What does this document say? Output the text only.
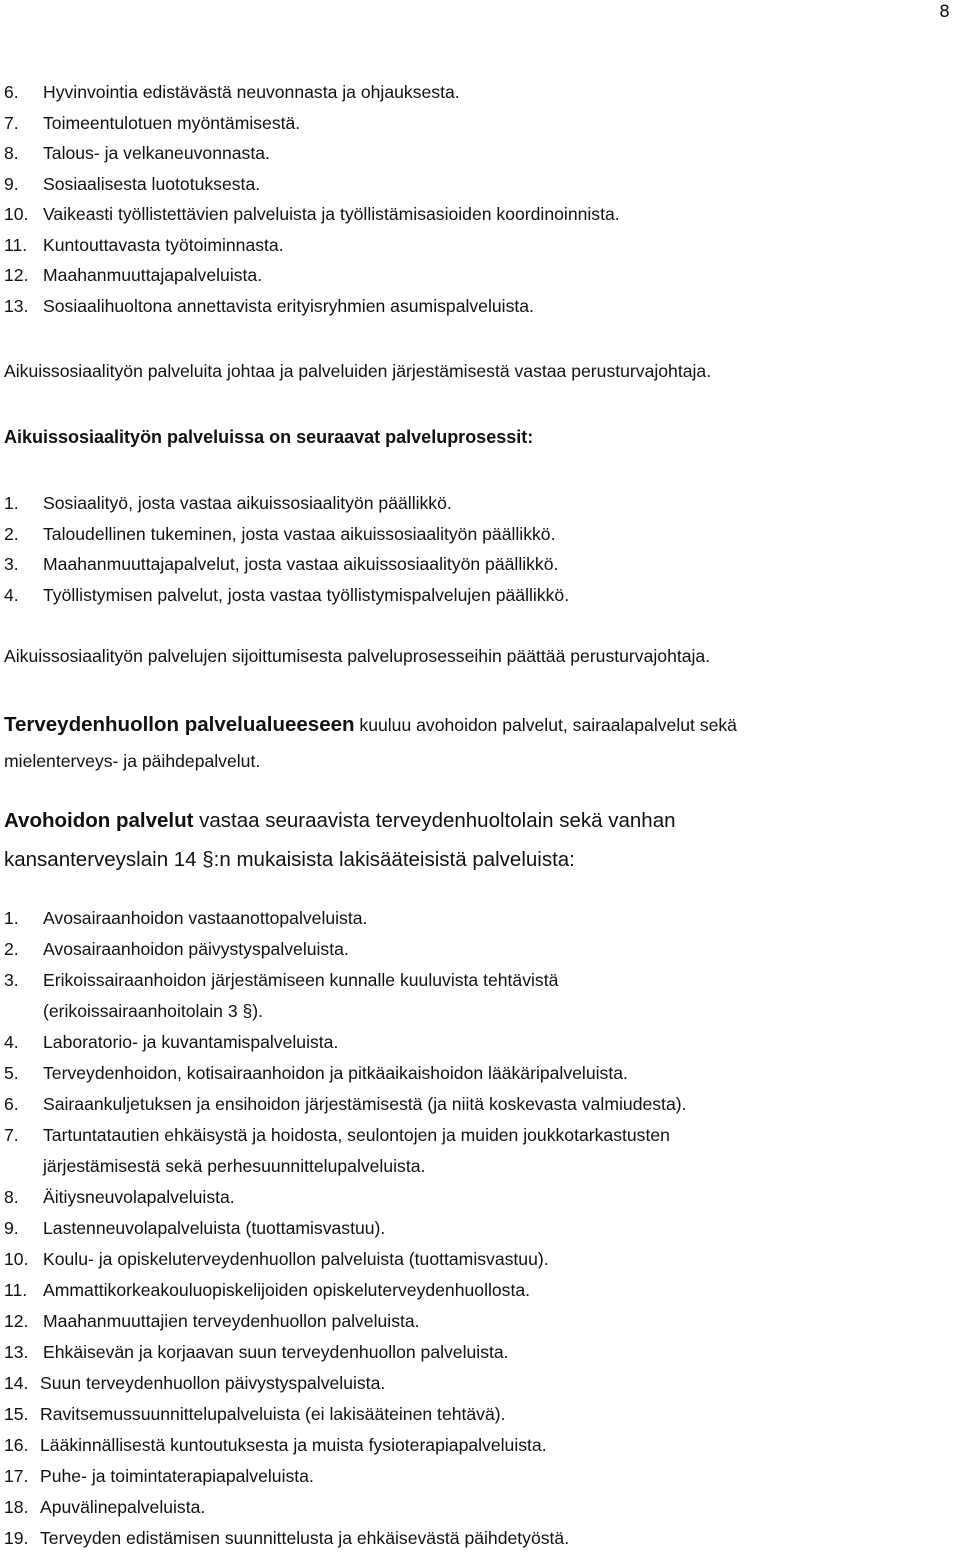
8
6. Hyvinvointia edistävästä neuvonnasta ja ohjauksesta.
7. Toimeentulotuen myöntämisestä.
8. Talous- ja velkaneuvonnasta.
9. Sosiaalisesta luototuksesta.
10. Vaikeasti työllistettävien palveluista ja työllistämisasioiden koordinoinnista.
11. Kuntouttavasta työtoiminnasta.
12. Maahanmuuttajapalveluista.
13. Sosiaalihuoltona annettavista erityisryhmien asumispalveluista.
Aikuissosiaalityön palveluita johtaa ja palveluiden järjestämisestä vastaa perusturvajohtaja.
Aikuissosiaalityön palveluissa on seuraavat palveluprosessit:
1. Sosiaalityö, josta vastaa aikuissosiaalityön päällikkö.
2. Taloudellinen tukeminen, josta vastaa aikuissosiaalityön päällikkö.
3. Maahanmuuttajapalvelut, josta vastaa aikuissosiaalityön päällikkö.
4. Työllistymisen palvelut, josta vastaa työllistymispalvelujen päällikkö.
Aikuissosiaalityön palvelujen sijoittumisesta palveluprosesseihin päättää perusturvajohtaja.
Terveydenhuollon palvelualueeseen kuuluu avohoidon palvelut, sairaalapalvelut sekä
mielenterveys- ja päihdepalvelut.
Avohoidon palvelut vastaa seuraavista terveydenhuoltolain sekä vanhan
kansanterveyslain 14 §:n mukaisista lakisääteisistä palveluista:
1. Avosairaanhoidon vastaanottopalveluista.
2. Avosairaanhoidon päivystyspalveluista.
3. Erikoissairaanhoidon järjestämiseen kunnalle kuuluvista tehtävistä
(erikoissairaanhoitolain 3 §).
4. Laboratorio- ja kuvantamispalveluista.
5. Terveydenhoidon, kotisairaanhoidon ja pitkäaikaishoidon lääkäripalveluista.
6. Sairaankuljetuksen ja ensihoidon järjestämisestä (ja niitä koskevasta valmiudesta).
7. Tartuntatautien ehkäisystä ja hoidosta, seulontojen ja muiden joukkotarkastusten
järjestämisestä sekä perhesuunnittelupalveluista.
8. Äitiysneuvolapalveluista.
9. Lastenneuvolapalveluista (tuottamisvastuu).
10. Koulu- ja opiskeluterveydenhuollon palveluista (tuottamisvastuu).
11. Ammattikorkeakouluopiskelijoiden opiskeluterveydenhuollosta.
12. Maahanmuuttajien terveydenhuollon palveluista.
13. Ehkäisevän ja korjaavan suun terveydenhuollon palveluista.
14. Suun terveydenhuollon päivystyspalveluista.
15. Ravitsemussuunnittelupalveluista (ei lakisääteinen tehtävä).
16. Lääkinnällisestä kuntoutuksesta ja muista fysioterapiapalveluista.
17. Puhe- ja toimintaterapiapalveluista.
18. Apuvälinepalveluista.
19. Terveyden edistämisen suunnittelusta ja ehkäisevästä päihdetyöstä.
